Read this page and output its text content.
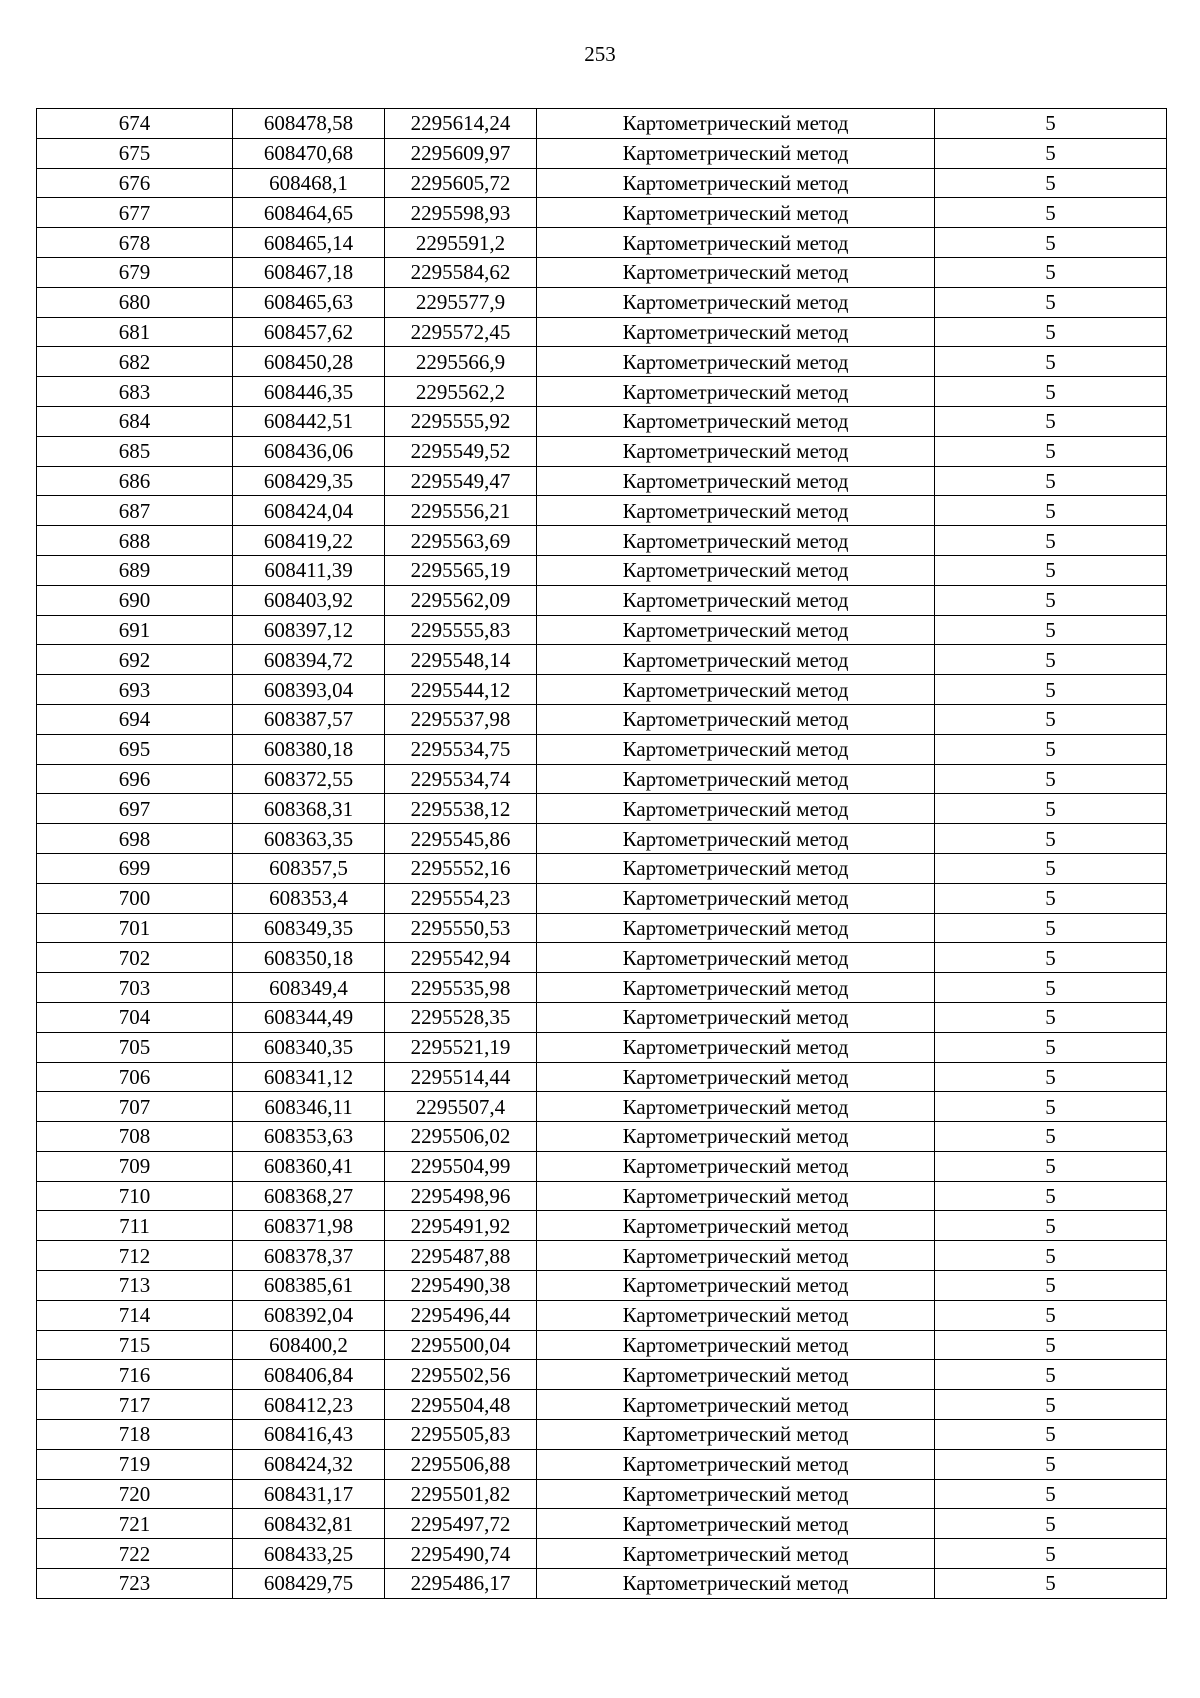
253
674	608478,58	2295614,24	Картометрический метод	5
675	608470,68	2295609,97	Картометрический метод	5
676	608468,1	2295605,72	Картометрический метод	5
677	608464,65	2295598,93	Картометрический метод	5
678	608465,14	2295591,2	Картометрический метод	5
679	608467,18	2295584,62	Картометрический метод	5
680	608465,63	2295577,9	Картометрический метод	5
681	608457,62	2295572,45	Картометрический метод	5
682	608450,28	2295566,9	Картометрический метод	5
683	608446,35	2295562,2	Картометрический метод	5
684	608442,51	2295555,92	Картометрический метод	5
685	608436,06	2295549,52	Картометрический метод	5
686	608429,35	2295549,47	Картометрический метод	5
687	608424,04	2295556,21	Картометрический метод	5
688	608419,22	2295563,69	Картометрический метод	5
689	608411,39	2295565,19	Картометрический метод	5
690	608403,92	2295562,09	Картометрический метод	5
691	608397,12	2295555,83	Картометрический метод	5
692	608394,72	2295548,14	Картометрический метод	5
693	608393,04	2295544,12	Картометрический метод	5
694	608387,57	2295537,98	Картометрический метод	5
695	608380,18	2295534,75	Картометрический метод	5
696	608372,55	2295534,74	Картометрический метод	5
697	608368,31	2295538,12	Картометрический метод	5
698	608363,35	2295545,86	Картометрический метод	5
699	608357,5	2295552,16	Картометрический метод	5
700	608353,4	2295554,23	Картометрический метод	5
701	608349,35	2295550,53	Картометрический метод	5
702	608350,18	2295542,94	Картометрический метод	5
703	608349,4	2295535,98	Картометрический метод	5
704	608344,49	2295528,35	Картометрический метод	5
705	608340,35	2295521,19	Картометрический метод	5
706	608341,12	2295514,44	Картометрический метод	5
707	608346,11	2295507,4	Картометрический метод	5
708	608353,63	2295506,02	Картометрический метод	5
709	608360,41	2295504,99	Картометрический метод	5
710	608368,27	2295498,96	Картометрический метод	5
711	608371,98	2295491,92	Картометрический метод	5
712	608378,37	2295487,88	Картометрический метод	5
713	608385,61	2295490,38	Картометрический метод	5
714	608392,04	2295496,44	Картометрический метод	5
715	608400,2	2295500,04	Картометрический метод	5
716	608406,84	2295502,56	Картометрический метод	5
717	608412,23	2295504,48	Картометрический метод	5
718	608416,43	2295505,83	Картометрический метод	5
719	608424,32	2295506,88	Картометрический метод	5
720	608431,17	2295501,82	Картометрический метод	5
721	608432,81	2295497,72	Картометрический метод	5
722	608433,25	2295490,74	Картометрический метод	5
723	608429,75	2295486,17	Картометрический метод	5
